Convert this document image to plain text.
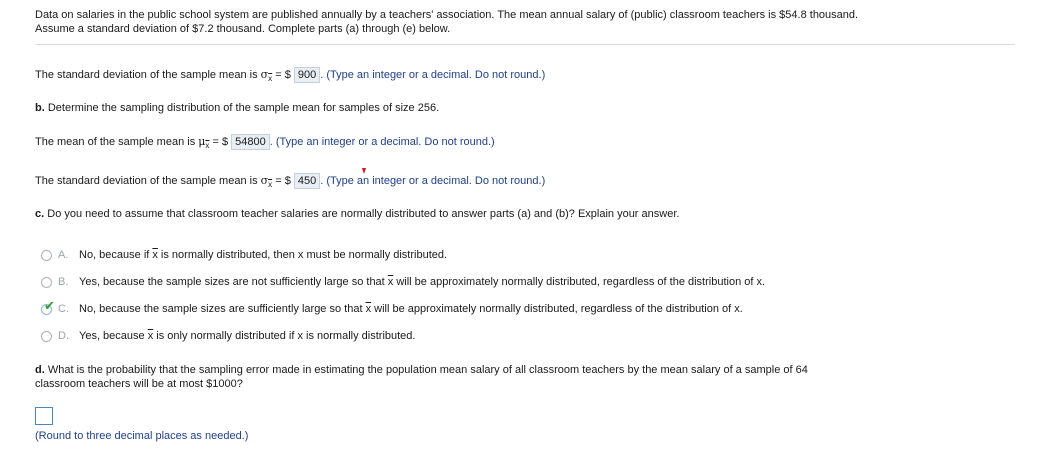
Data on salaries in the public school system are published annually by a teachers' association. The mean annual salary of (public) classroom teachers is $54.8 thousand.
Assume a standard deviation of $7.2 thousand. Complete parts (a) through (e) below.
The standard deviation of the sample mean is $\sigma_{\overline{x}}$ = $ 900 . (Type an integer or a decimal. Do not round.)
b. Determine the sampling distribution of the sample mean for samples of size 256.
The mean of the sample mean is $\mu_{\overline{x}}$ = $ 54800 . (Type an integer or a decimal. Do not round.)
The standard deviation of the sample mean is $\sigma_{\overline{x}}$ = $ 450 . (Type an integer or a decimal. Do not round.)
c. Do you need to assume that classroom teacher salaries are normally distributed to answer parts (a) and (b)? Explain your answer.
A. No, because if $\overline{x}$ is normally distributed, then x must be normally distributed.
B. Yes, because the sample sizes are not sufficiently large so that $\overline{x}$ will be approximately normally distributed, regardless of the distribution of x.
✔ C. No, because the sample sizes are sufficiently large so that $\overline{x}$ will be approximately normally distributed, regardless of the distribution of x.
D. Yes, because $\overline{x}$ is only normally distributed if x is normally distributed.
d. What is the probability that the sampling error made in estimating the population mean salary of all classroom teachers by the mean salary of a sample of 64
classroom teachers will be at most $1000?
(Round to three decimal places as needed.)
